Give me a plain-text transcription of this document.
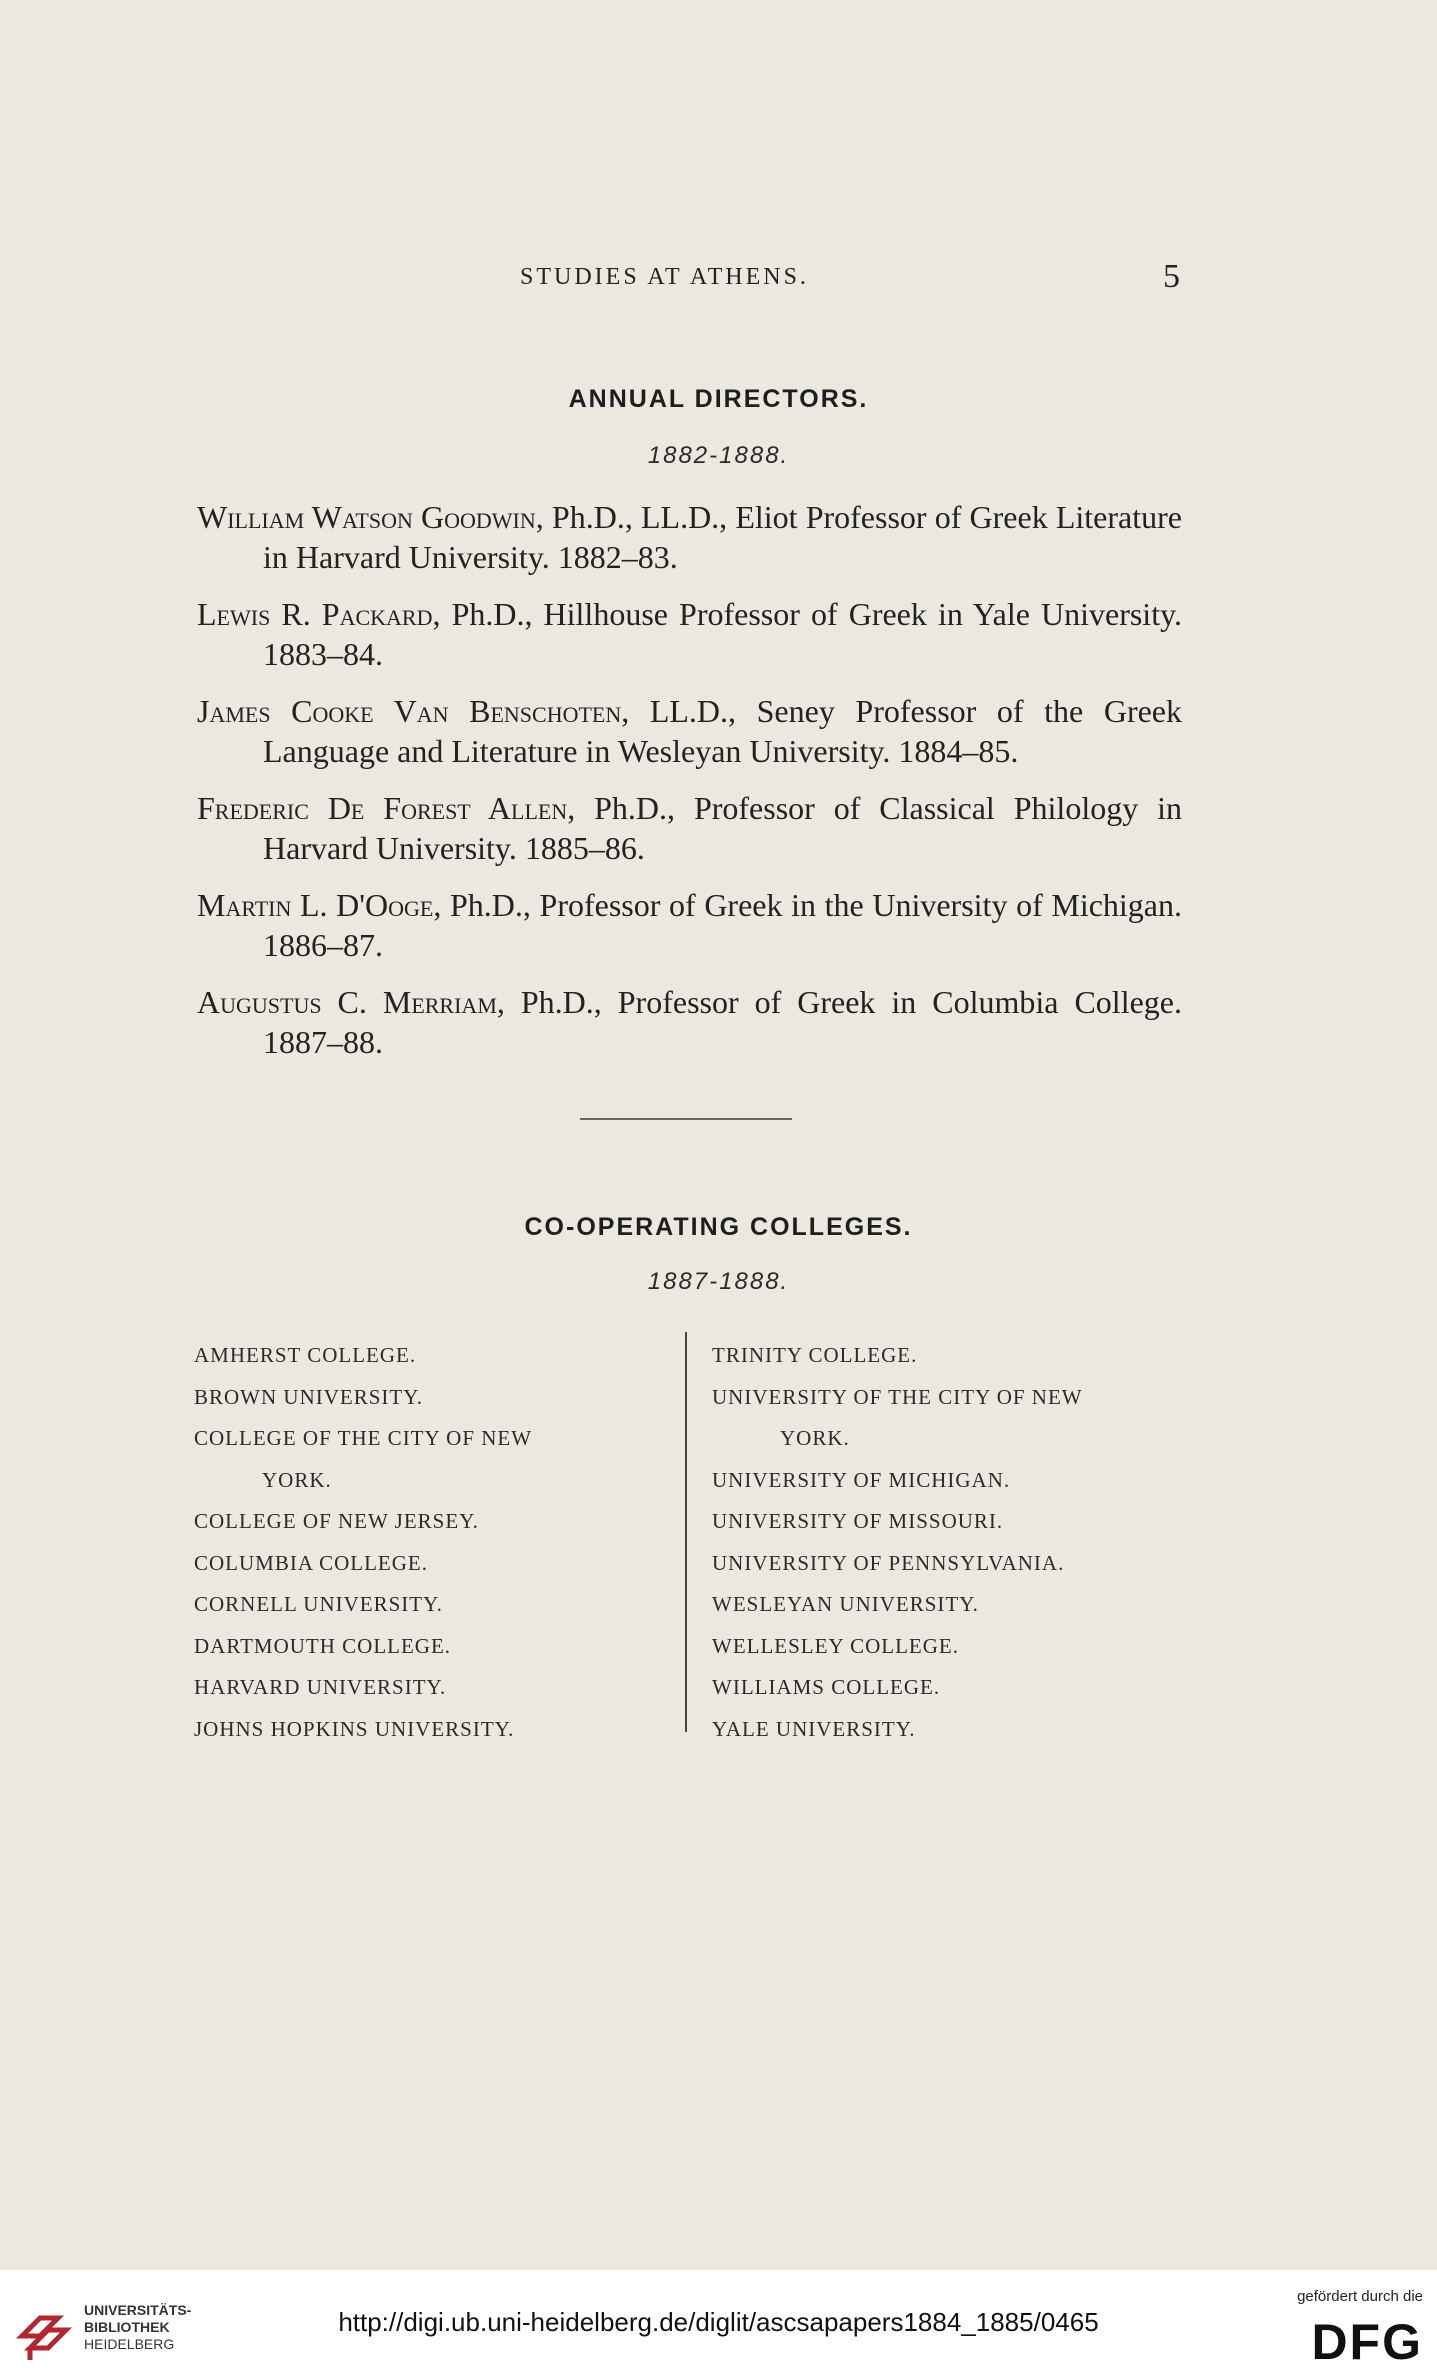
STUDIES AT ATHENS.	5
ANNUAL DIRECTORS.
1882-1888.
William Watson Goodwin, Ph.D., LL.D., Eliot Professor of Greek Literature in Harvard University. 1882–83.
Lewis R. Packard, Ph.D., Hillhouse Professor of Greek in Yale University. 1883–84.
James Cooke Van Benschoten, LL.D., Seney Professor of the Greek Language and Literature in Wesleyan University. 1884–85.
Frederic De Forest Allen, Ph.D., Professor of Classical Philology in Harvard University. 1885–86.
Martin L. D'Ooge, Ph.D., Professor of Greek in the University of Michigan. 1886–87.
Augustus C. Merriam, Ph.D., Professor of Greek in Columbia College. 1887–88.
CO-OPERATING COLLEGES.
1887-1888.
AMHERST COLLEGE.
BROWN UNIVERSITY.
COLLEGE OF THE CITY OF NEW
YORK.
COLLEGE OF NEW JERSEY.
COLUMBIA COLLEGE.
CORNELL UNIVERSITY.
DARTMOUTH COLLEGE.
HARVARD UNIVERSITY.
JOHNS HOPKINS UNIVERSITY.
TRINITY COLLEGE.
UNIVERSITY OF THE CITY OF NEW
YORK.
UNIVERSITY OF MICHIGAN.
UNIVERSITY OF MISSOURI.
UNIVERSITY OF PENNSYLVANIA.
WESLEYAN UNIVERSITY.
WELLESLEY COLLEGE.
WILLIAMS COLLEGE.
YALE UNIVERSITY.
UNIVERSITÄTS-
BIBLIOTHEK
HEIDELBERG
http://digi.ub.uni-heidelberg.de/diglit/ascsapapers1884_1885/0465
gefördert durch die
DFG
